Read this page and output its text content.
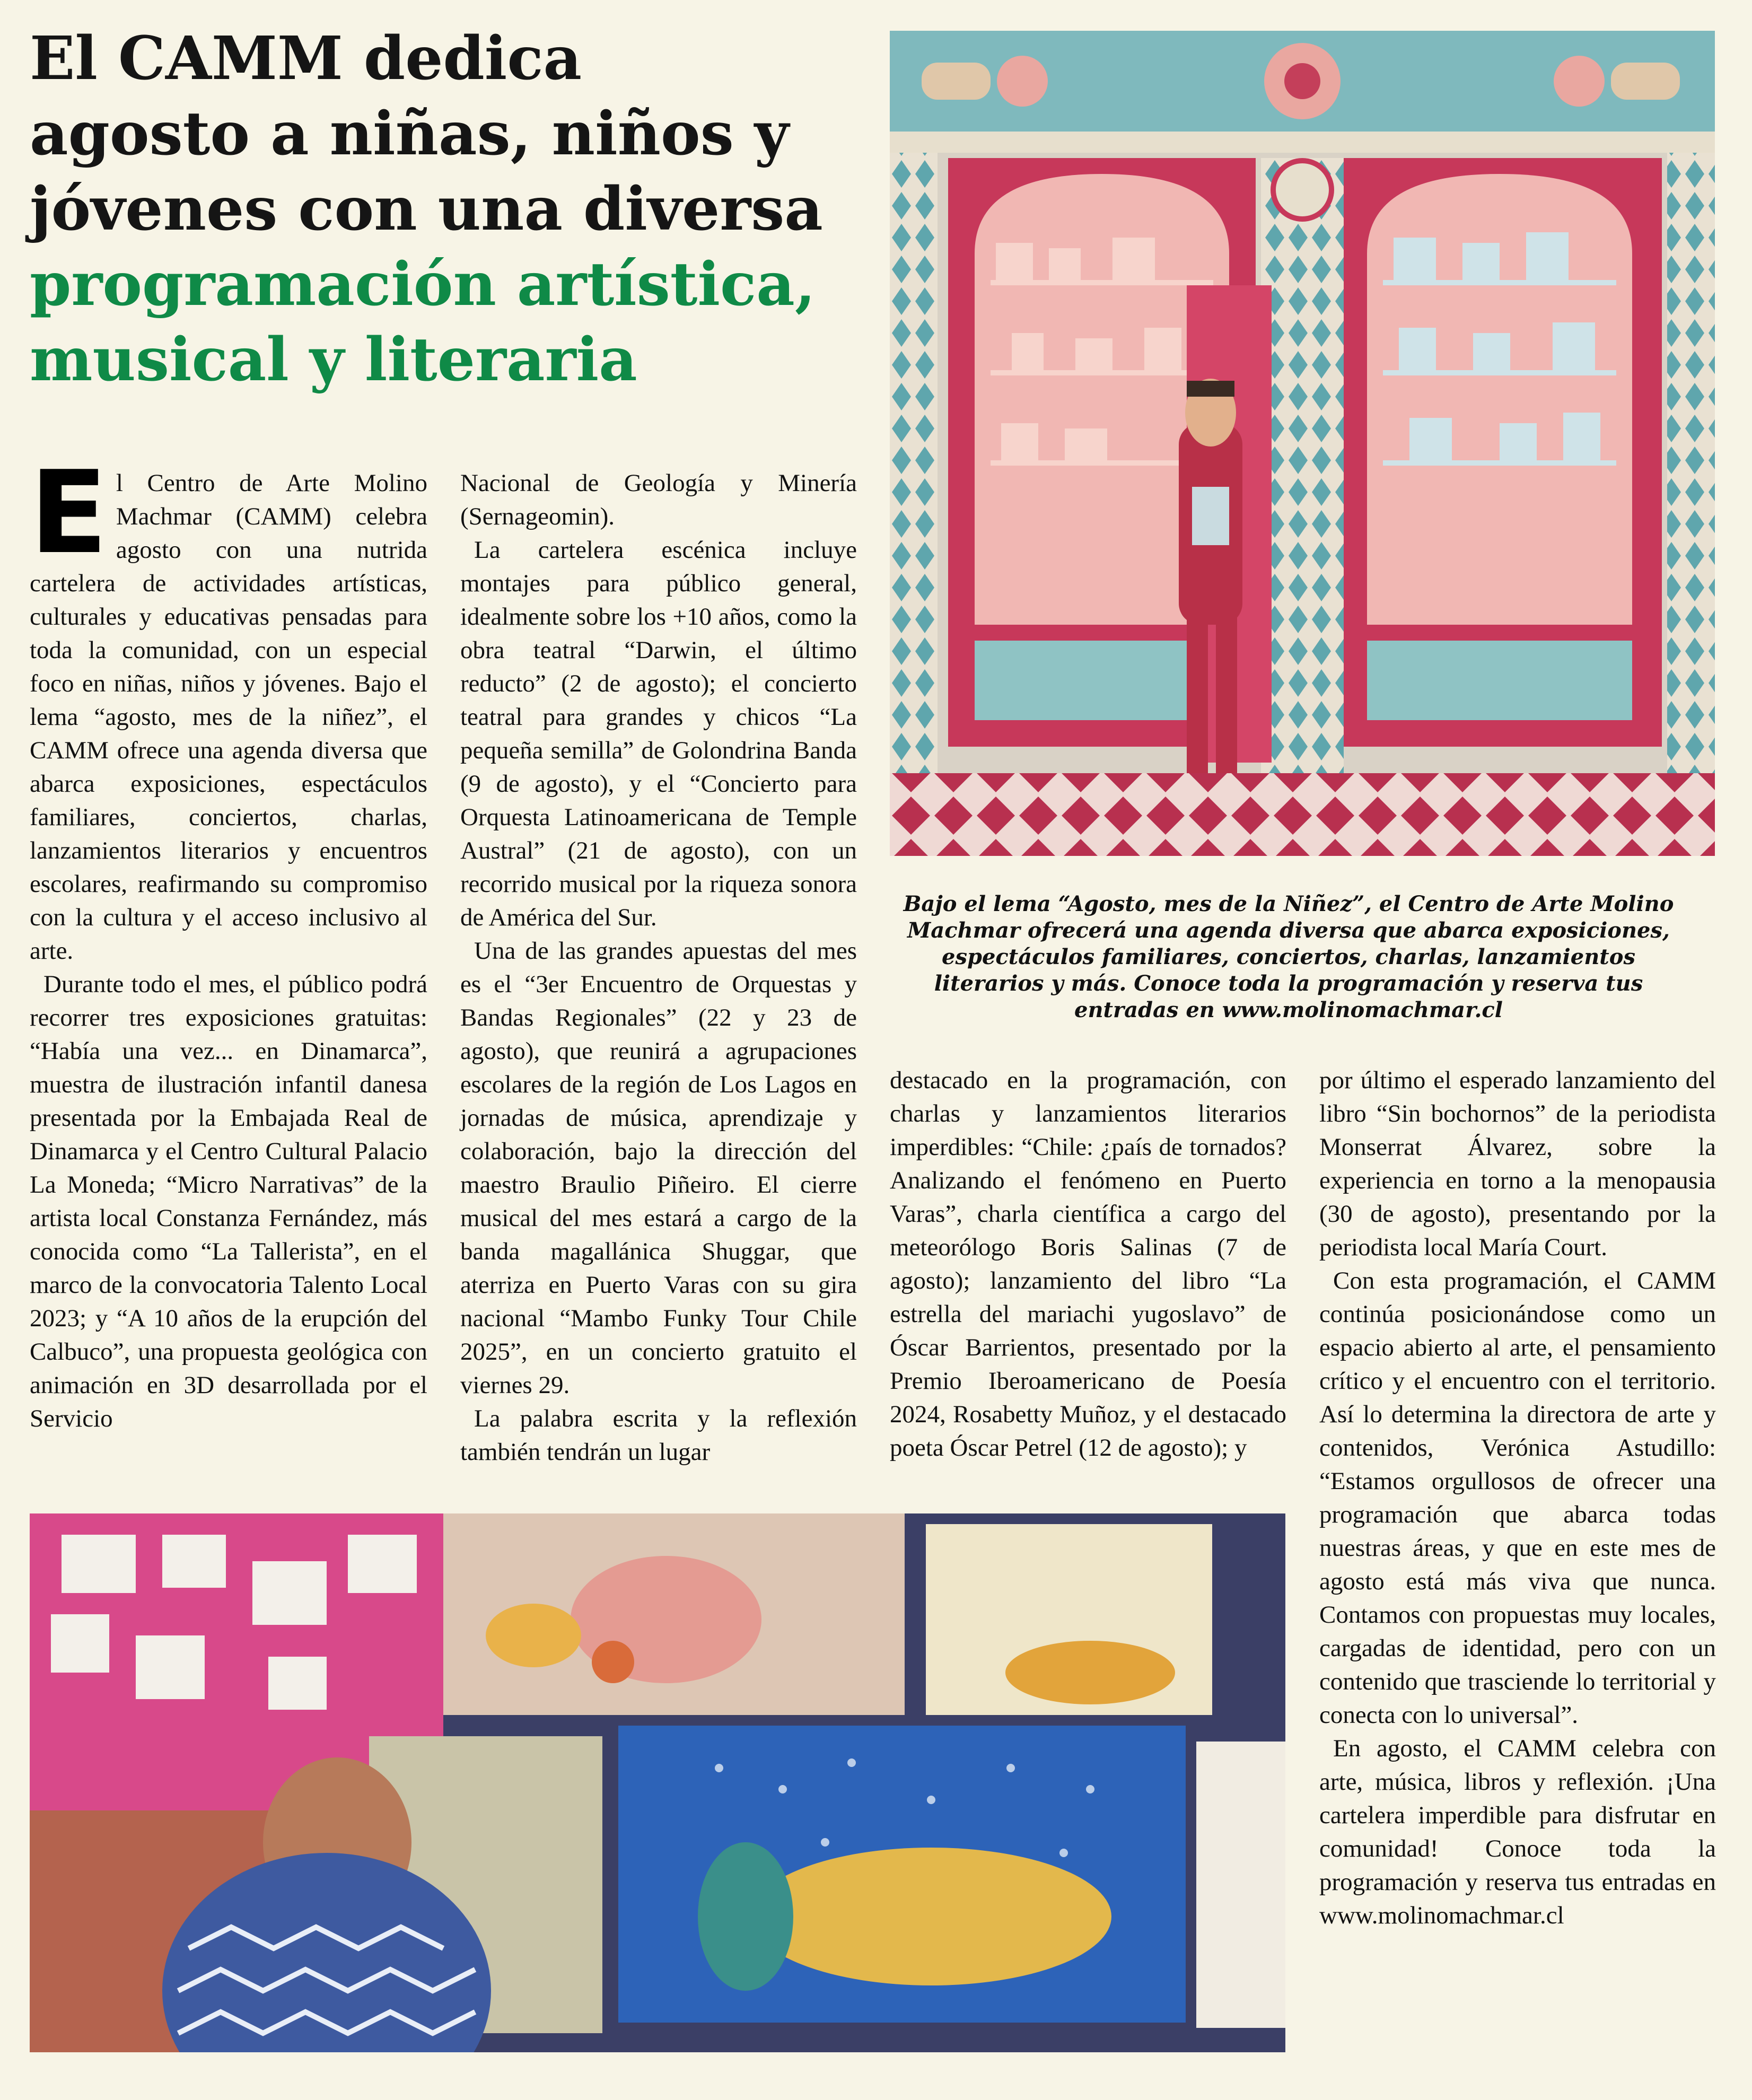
El CAMM dedica
agosto a niñas, niños y
jóvenes con una diversa
programación artística,
musical y literaria

Bajo el lema “Agosto, mes de la Niñez”, el Centro de Arte Molino Machmar ofrecerá una agenda diversa que abarca exposiciones, espectáculos familiares, conciertos, charlas, lanzamientos literarios y más. Conoce toda la programación y reserva tus entradas en www.molinomachmar.cl

El Centro de Arte Molino Machmar (CAMM) celebra agosto con una nutrida cartelera de actividades artísticas, culturales y educativas pensadas para toda la comunidad, con un especial foco en niñas, niños y jóvenes. Bajo el lema “agosto, mes de la niñez”, el CAMM ofrece una agenda diversa que abarca exposiciones, espectáculos familiares, conciertos, charlas, lanzamientos literarios y encuentros escolares, reafirmando su compromiso con la cultura y el acceso inclusivo al arte.

Durante todo el mes, el público podrá recorrer tres exposiciones gratuitas: “Había una vez... en Dinamarca”, muestra de ilustración infantil danesa presentada por la Embajada Real de Dinamarca y el Centro Cultural Palacio La Moneda; “Micro Narrativas” de la artista local Constanza Fernández, más conocida como “La Tallerista”, en el marco de la convocatoria Talento Local 2023; y “A 10 años de la erupción del Calbuco”, una propuesta geológica con animación en 3D desarrollada por el Servicio

Nacional de Geología y Minería (Sernageomin).

La cartelera escénica incluye montajes para público general, idealmente sobre los +10 años, como la obra teatral “Darwin, el último reducto” (2 de agosto); el concierto teatral para grandes y chicos “La pequeña semilla” de Golondrina Banda (9 de agosto), y el “Concierto para Orquesta Latinoamericana de Temple Austral” (21 de agosto), con un recorrido musical por la riqueza sonora de América del Sur.

Una de las grandes apuestas del mes es el “3er Encuentro de Orquestas y Bandas Regionales” (22 y 23 de agosto), que reunirá a agrupaciones escolares de la región de Los Lagos en jornadas de música, aprendizaje y colaboración, bajo la dirección del maestro Braulio Piñeiro. El cierre musical del mes estará a cargo de la banda magallánica Shuggar, que aterriza en Puerto Varas con su gira nacional “Mambo Funky Tour Chile 2025”, en un concierto gratuito el viernes 29.

La palabra escrita y la reflexión también tendrán un lugar

destacado en la programación, con charlas y lanzamientos literarios imperdibles: “Chile: ¿país de tornados? Analizando el fenómeno en Puerto Varas”, charla científica a cargo del meteorólogo Boris Salinas (7 de agosto); lanzamiento del libro “La estrella del mariachi yugoslavo” de Óscar Barrientos, presentado por la Premio Iberoamericano de Poesía 2024, Rosabetty Muñoz, y el destacado poeta Óscar Petrel (12 de agosto); y

por último el esperado lanzamiento del libro “Sin bochornos” de la periodista Monserrat Álvarez, sobre la experiencia en torno a la menopausia (30 de agosto), presentando por la periodista local María Court.

Con esta programación, el CAMM continúa posicionándose como un espacio abierto al arte, el pensamiento crítico y el encuentro con el territorio. Así lo determina la directora de arte y contenidos, Verónica Astudillo: “Estamos orgullosos de ofrecer una programación que abarca todas nuestras áreas, y que en este mes de agosto está más viva que nunca. Contamos con propuestas muy locales, cargadas de identidad, pero con un contenido que trasciende lo territorial y conecta con lo universal”.

En agosto, el CAMM celebra con arte, música, libros y reflexión. ¡Una cartelera imperdible para disfrutar en comunidad! Conoce toda la programación y reserva tus entradas en www.molinomachmar.cl
